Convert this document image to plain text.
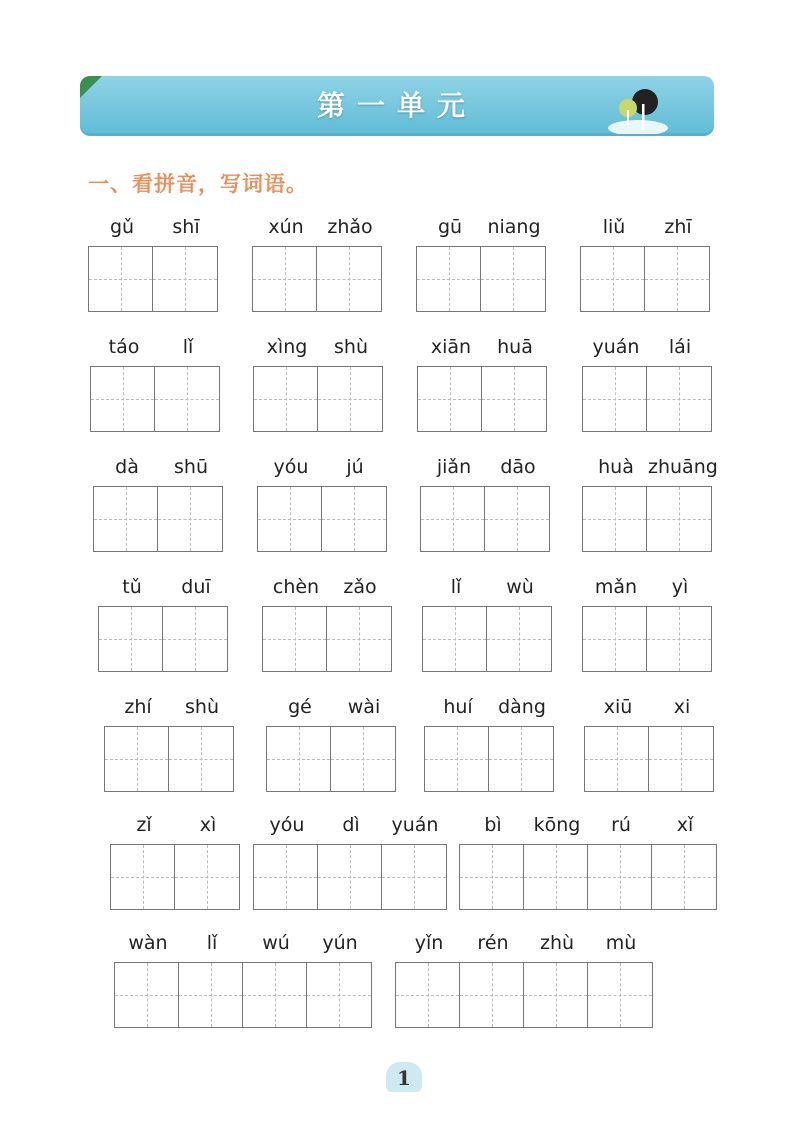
第一单元
一、看拼音，写词语。
gǔ	shī	xún	zhǎo	gū	niang	liǔ	zhī
táo	lǐ	xìng	shù	xiān	huā	yuán	lái
dà	shū	yóu	jú	jiǎn	dāo	huà zhuāng
tǔ	duī	chèn	zǎo	lǐ	wù	mǎn	yì
zhí	shù	gé	wài	huí	dàng	xiū	xi
zǐ	xì	yóu	dì	yuán	bì	kōng	rú	xǐ
wàn	lǐ	wú	yún	yǐn	rén	zhù	mù
1
